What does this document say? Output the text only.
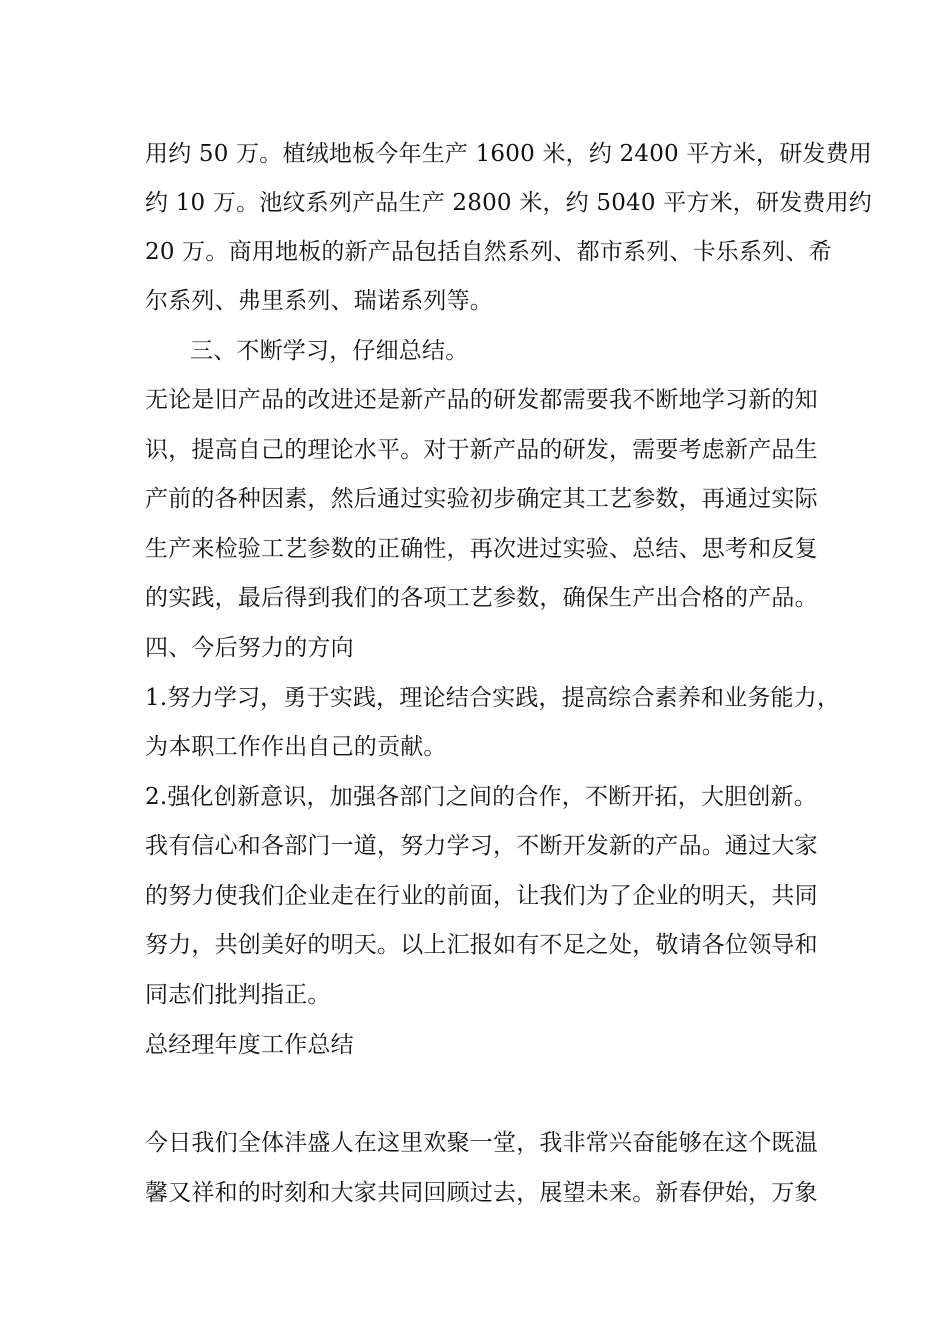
用约 50 万。植绒地板今年生产 1600 米，约 2400 平方米，研发费用
约 10 万。池纹系列产品生产 2800 米，约 5040 平方米，研发费用约
20 万。商用地板的新产品包括自然系列、都市系列、卡乐系列、希
尔系列、弗里系列、瑞诺系列等。
三、不断学习，仔细总结。
无论是旧产品的改进还是新产品的研发都需要我不断地学习新的知
识，提高自己的理论水平。对于新产品的研发，需要考虑新产品生
产前的各种因素，然后通过实验初步确定其工艺参数，再通过实际
生产来检验工艺参数的正确性，再次进过实验、总结、思考和反复
的实践，最后得到我们的各项工艺参数，确保生产出合格的产品。
四、今后努力的方向
1.努力学习，勇于实践，理论结合实践，提高综合素养和业务能力，
为本职工作作出自己的贡献。
2.强化创新意识，加强各部门之间的合作，不断开拓，大胆创新。
我有信心和各部门一道，努力学习，不断开发新的产品。通过大家
的努力使我们企业走在行业的前面，让我们为了企业的明天，共同
努力，共创美好的明天。以上汇报如有不足之处，敬请各位领导和
同志们批判指正。
总经理年度工作总结
今日我们全体沣盛人在这里欢聚一堂，我非常兴奋能够在这个既温
馨又祥和的时刻和大家共同回顾过去，展望未来。新春伊始，万象
